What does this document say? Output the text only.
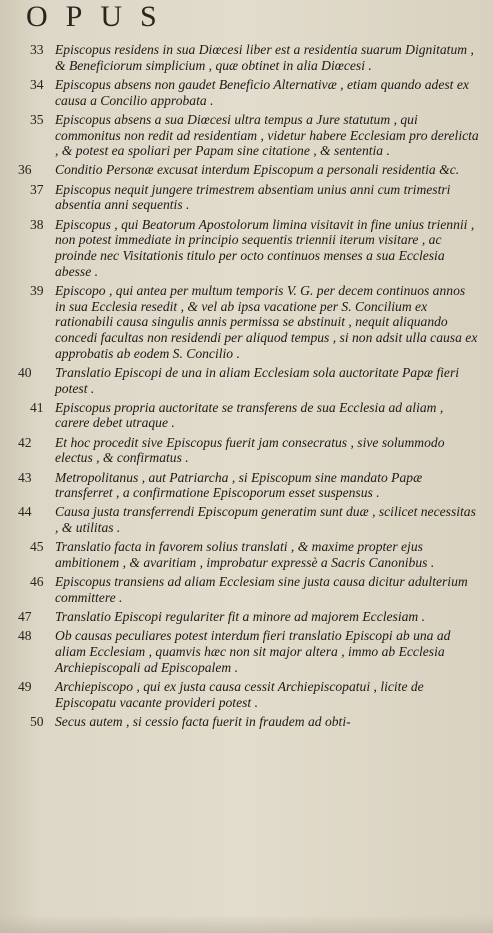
OPUS
33 Episcopus residens in sua Diœcesi liber est a residentia suarum Dignitatum , & Beneficiorum simplicium , quæ obtinet in alia Diœcesi .
34 Episcopus absens non gaudet Beneficio Alternativæ , etiam quando adest ex causa a Concilio approbata .
35 Episcopus absens a sua Diœcesi ultra tempus a Jure statutum , qui commonitus non redit ad residentiam , videtur habere Ecclesiam pro derelicta , & potest ea spoliari per Papam sine citatione , & sententia .
36 Conditio Personæ excusat interdum Episcopum a personali residentia &c.
37 Episcopus nequit jungere trimestrem absentiam unius anni cum trimestri absentia anni sequentis .
38 Episcopus , qui Beatorum Apostolorum limina visitavit in fine unius triennii , non potest immediate in principio sequentis triennii iterum visitare , ac proinde nec Visitationis titulo per octo continuos menses a sua Ecclesia abesse .
39 Episcopo , qui antea per multum temporis V. G. per decem continuos annos in sua Ecclesia resedit , & vel ab ipsa vacatione per S. Concilium ex rationabili causa singulis annis permissa se abstinuit , nequit aliquando concedi facultas non residendi per aliquod tempus , si non adsit ulla causa ex approbatis ab eodem S. Concilio .
40 Translatio Episcopi de una in aliam Ecclesiam sola auctoritate Papæ fieri potest .
41 Episcopus propria auctoritate se transferens de sua Ecclesia ad aliam , carere debet utraque .
42 Et hoc procedit sive Episcopus fuerit jam consecratus , sive solummodo electus , & confirmatus .
43 Metropolitanus , aut Patriarcha , si Episcopum sine mandato Papæ transferret , a confirmatione Episcoporum esset suspensus .
44 Causa justa transferrendi Episcopum generatim sunt duæ , scilicet necessitas , & utilitas .
45 Translatio facta in favorem solius translati , & maxime propter ejus ambitionem , & avaritiam , improbatur expressè a Sacris Canonibus .
46 Episcopus transiens ad aliam Ecclesiam sine justa causa dicitur adulterium committere .
47 Translatio Episcopi regulariter fit a minore ad majorem Ecclesiam .
48 Ob causas peculiares potest interdum fieri translatio Episcopi ab una ad aliam Ecclesiam , quamvis hæc non sit major altera , immo ab Ecclesia Archiepiscopali ad Episcopalem .
49 Archiepiscopo , qui ex justa causa cessit Archiepiscopatui , licite de Episcopatu vacante provideri potest .
50 Secus autem , si cessio facta fuerit in fraudem ad obti-
